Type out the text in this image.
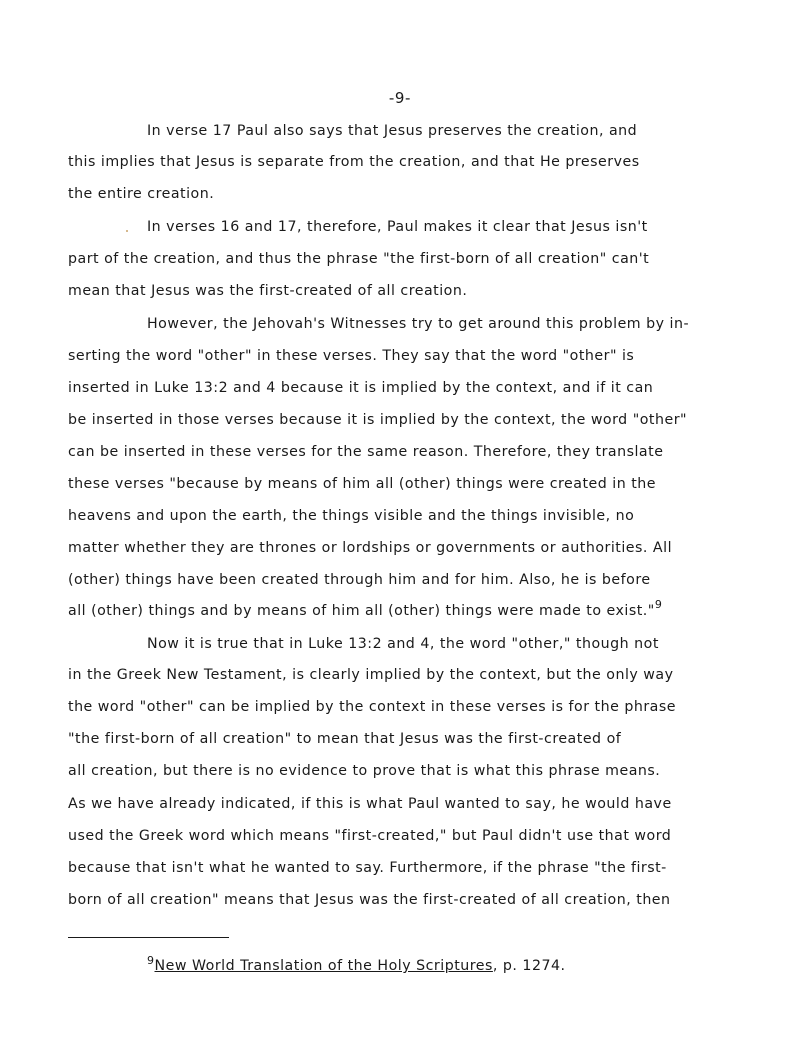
-9-
In verse 17 Paul also says that Jesus preserves the creation, and
this implies that Jesus is separate from the creation, and that He preserves
the entire creation.
In verses 16 and 17, therefore, Paul makes it clear that Jesus isn't
part of the creation, and thus the phrase "the first-born of all creation" can't
mean that Jesus was the first-created of all creation.
However, the Jehovah's Witnesses try to get around this problem by in-
serting the word "other" in these verses. They say that the word "other" is
inserted in Luke 13:2 and 4 because it is implied by the context, and if it can
be inserted in those verses because it is implied by the context, the word "other"
can be inserted in these verses for the same reason. Therefore, they translate
these verses "because by means of him all (other) things were created in the
heavens and upon the earth, the things visible and the things invisible, no
matter whether they are thrones or lordships or governments or authorities. All
(other) things have been created through him and for him. Also, he is before
all (other) things and by means of him all (other) things were made to exist."$^9$
Now it is true that in Luke 13:2 and 4, the word "other," though not
in the Greek New Testament, is clearly implied by the context, but the only way
the word "other" can be implied by the context in these verses is for the phrase
"the first-born of all creation" to mean that Jesus was the first-created of
all creation, but there is no evidence to prove that is what this phrase means.
As we have already indicated, if this is what Paul wanted to say, he would have
used the Greek word which means "first-created," but Paul didn't use that word
because that isn't what he wanted to say. Furthermore, if the phrase "the first-
born of all creation" means that Jesus was the first-created of all creation, then
$^9$New World Translation of the Holy Scriptures, p. 1274.
